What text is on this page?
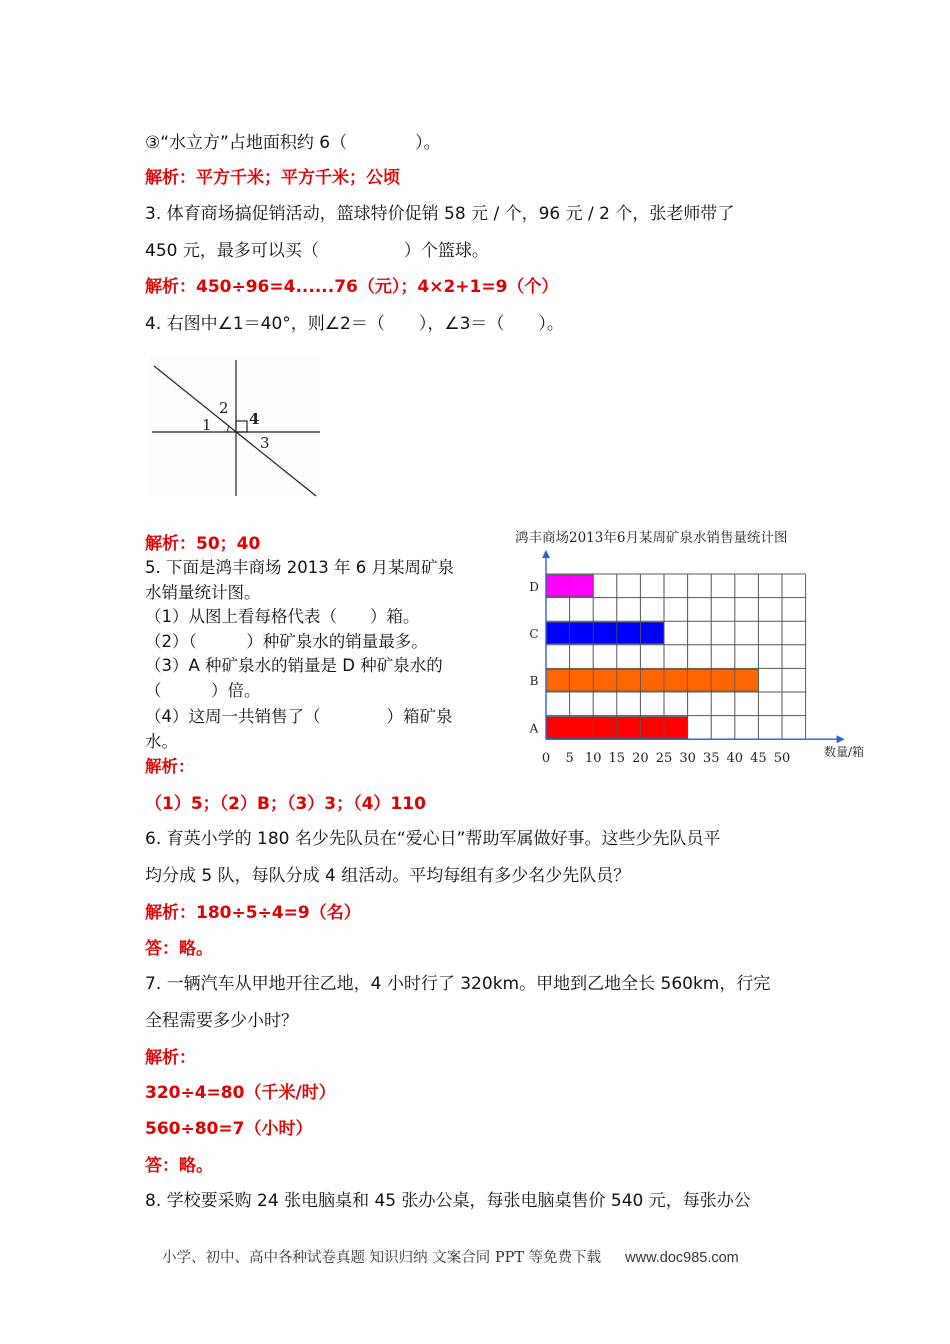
③“水立方”占地面积约 6（　　　　）。
解析：平方千米；平方千米；公顷
3. 体育商场搞促销活动，篮球特价促销 58 元 / 个，96 元 / 2 个，张老师带了
450 元，最多可以买（　　　　　）个篮球。
解析：450÷96=4......76（元）；4×2+1=9（个）
4. 右图中∠1＝40°，则∠2＝（　　），∠3＝（　　）。
1
2
3
4
解析：50；40
5. 下面是鸿丰商场 2013 年 6 月某周矿泉
水销量统计图。
（1）从图上看每格代表（　　）箱。
（2）（　　　）种矿泉水的销量最多。
（3）A 种矿泉水的销量是 D 种矿泉水的
（　　　）倍。
（4）这周一共销售了（　　　　）箱矿泉
水。
解析：
（1）5；（2）B；（3）3；（4）110
鸿丰商场2013年6月某周矿泉水销售量统计图
A
B
C
D
0 5 10 15 20 25 30 35 40 45 50	数量/箱
6. 育英小学的 180 名少先队员在“爱心日”帮助军属做好事。这些少先队员平
均分成 5 队，每队分成 4 组活动。平均每组有多少名少先队员？
解析：180÷5÷4=9（名）
答：略。
7. 一辆汽车从甲地开往乙地，4 小时行了 320km。甲地到乙地全长 560km，行完
全程需要多少小时？
解析：
320÷4=80（千米/时）
560÷80=7（小时）
答：略。
8. 学校要采购 24 张电脑桌和 45 张办公桌，每张电脑桌售价 540 元，每张办公
小学、初中、高中各种试卷真题 知识归纳 文案合同 PPT 等免费下载 www.doc985.com
